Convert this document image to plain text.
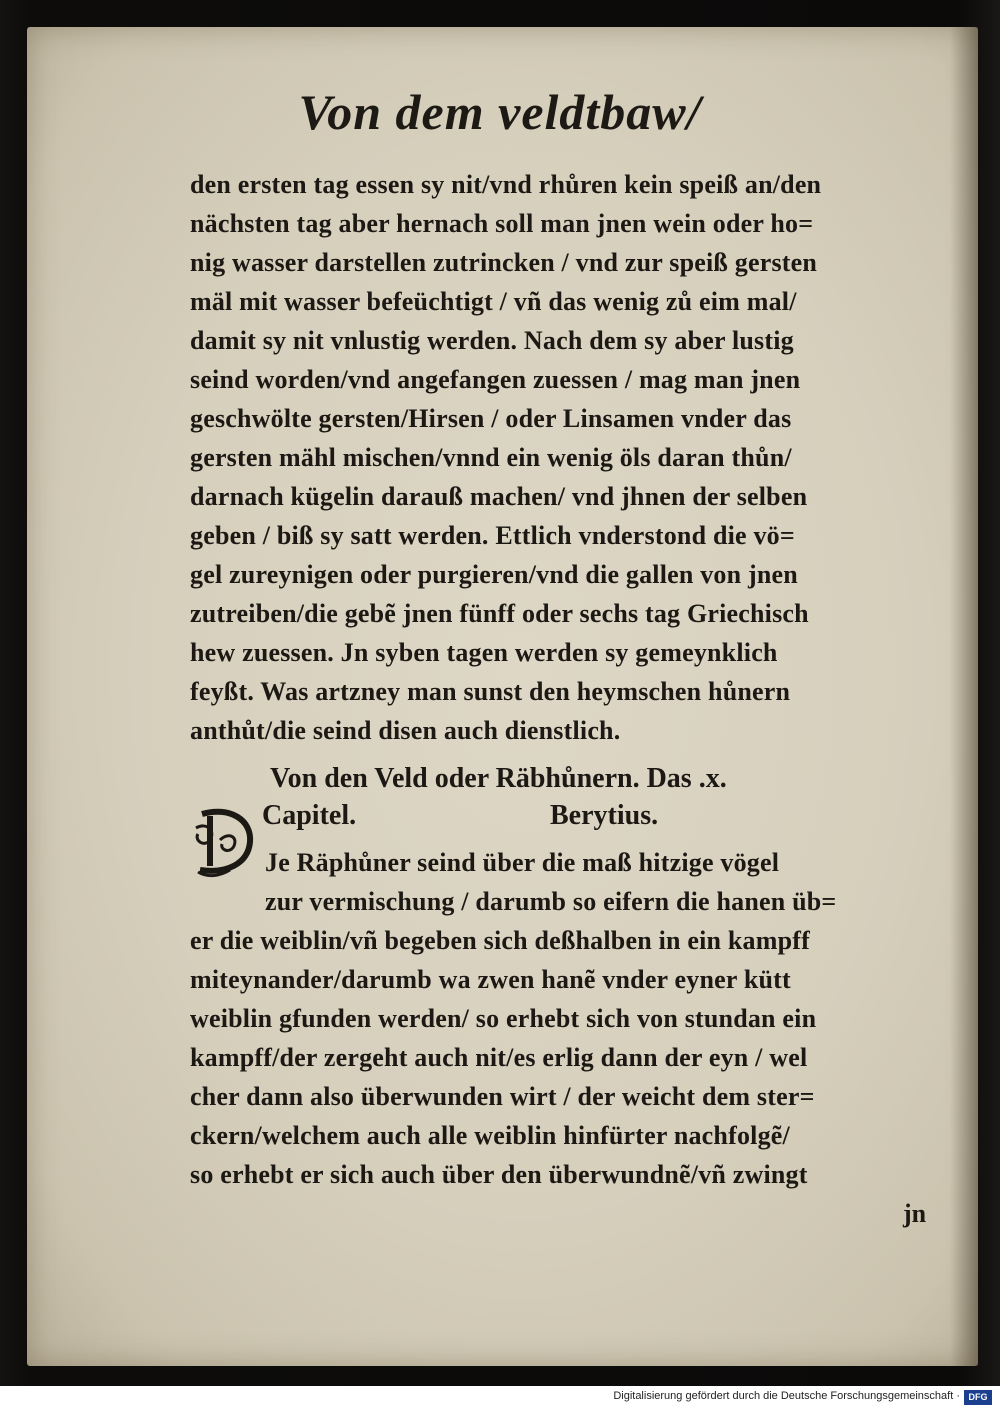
Von dem veldtbaw/
den ersten tag essen sy nit/vnd rhůren kein speiß an/den
nächsten tag aber hernach soll man jnen wein oder ho=
nig wasser darstellen zutrincken / vnd zur speiß gersten
mäl mit wasser befeüchtigt / vñ das wenig zů eim mal/
damit sy nit vnlustig werden. Nach dem sy aber lustig
seind worden/vnd angefangen zuessen / mag man jnen
geschwölte gersten/Hirsen / oder Linsamen vnder das
gersten mähl mischen/vnnd ein wenig öls daran thůn/
darnach kügelin darauß machen/ vnd jhnen der selben
geben / biß sy satt werden. Ettlich vnderstond die vö=
gel zureynigen oder purgieren/vnd die gallen von jnen
zutreiben/die gebẽ jnen fünff oder sechs tag Griechisch
hew zuessen. Jn syben tagen werden sy gemeynklich
feyßt. Was artzney man sunst den heymschen hůnern
anthůt/die seind disen auch dienstlich.
Von den Veld oder Räbhůnern. Das .x.
Capitel.	Berytius.
Je Räphůner seind über die maß hitzige vögel
zur vermischung / darumb so eifern die hanen üb=
er die weiblin/vñ begeben sich deßhalben in ein kampff
miteynander/darumb wa zwen hanẽ vnder eyner kütt
weiblin gfunden werden/ so erhebt sich von stundan ein
kampff/der zergeht auch nit/es erlig dann der eyn / wel
cher dann also überwunden wirt / der weicht dem ster=
ckern/welchem auch alle weiblin hinfürter nachfolgẽ/
so erhebt er sich auch über den überwundnẽ/vñ zwingt
jn
Digitalisierung gefördert durch die Deutsche Forschungsgemeinschaft · DFG
